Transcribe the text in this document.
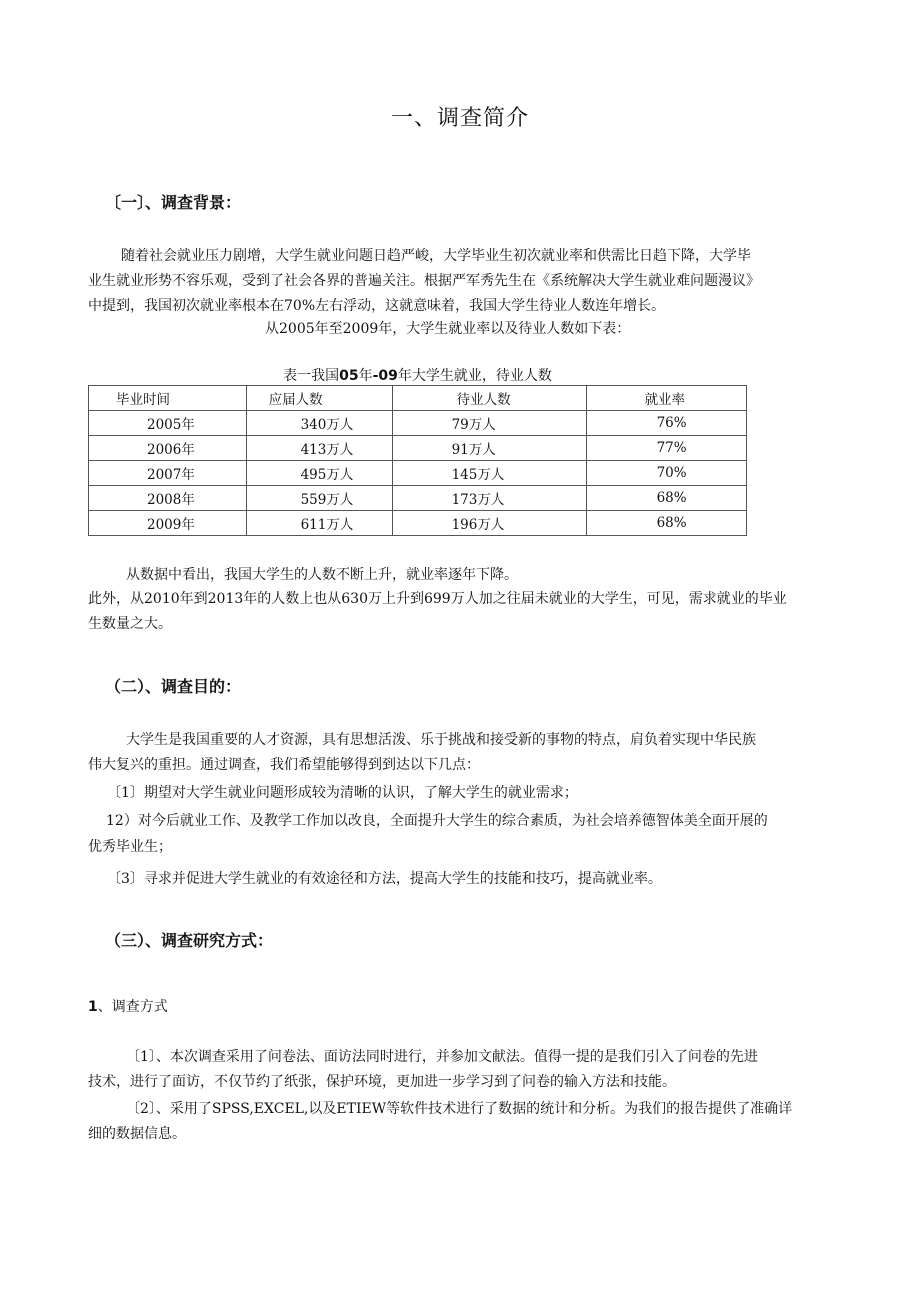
一、调查简介
〔一〕、调查背景：
随着社会就业压力剧增，大学生就业问题日趋严峻，大学毕业生初次就业率和供需比日趋下降，大学毕
业生就业形势不容乐观，受到了社会各界的普遍关注。根据严军秀先生在《系统解决大学生就业难问题漫议》
中提到，我国初次就业率根本在70%左右浮动，这就意味着，我国大学生待业人数连年增长。
从2005年至2009年，大学生就业率以及待业人数如下表：
表一我国05年-09年大学生就业，待业人数
毕业时间	应届人数	待业人数	就业率
2005年	340万人	79万人	76%
2006年	413万人	91万人	77%
2007年	495万人	145万人	70%
2008年	559万人	173万人	68%
2009年	611万人	196万人	68%
从数据中看出，我国大学生的人数不断上升，就业率逐年下降。
此外，从2010年到2013年的人数上也从630万上升到699万人加之往届未就业的大学生，可见，需求就业的毕业
生数量之大。
（二）、调查目的：
大学生是我国重要的人才资源，具有思想活泼、乐于挑战和接受新的事物的特点，肩负着实现中华民族
伟大复兴的重担。通过调查，我们希望能够得到到达以下几点：
〔1〕期望对大学生就业问题形成较为清晰的认识，了解大学生的就业需求；
12）对今后就业工作、及教学工作加以改良，全面提升大学生的综合素质，为社会培养德智体美全面开展的
优秀毕业生；
〔3〕寻求并促进大学生就业的有效途径和方法，提高大学生的技能和技巧，提高就业率。
（三）、调查研究方式：
1、调查方式
〔1〕、本次调查采用了问卷法、面访法同时进行，并参加文献法。值得一提的是我们引入了问卷的先进
技术，进行了面访，不仅节约了纸张，保护环境，更加进一步学习到了问卷的输入方法和技能。
〔2〕、采用了SPSS,EXCEL,以及ETIEW等软件技术进行了数据的统计和分析。为我们的报告提供了准确详
细的数据信息。
